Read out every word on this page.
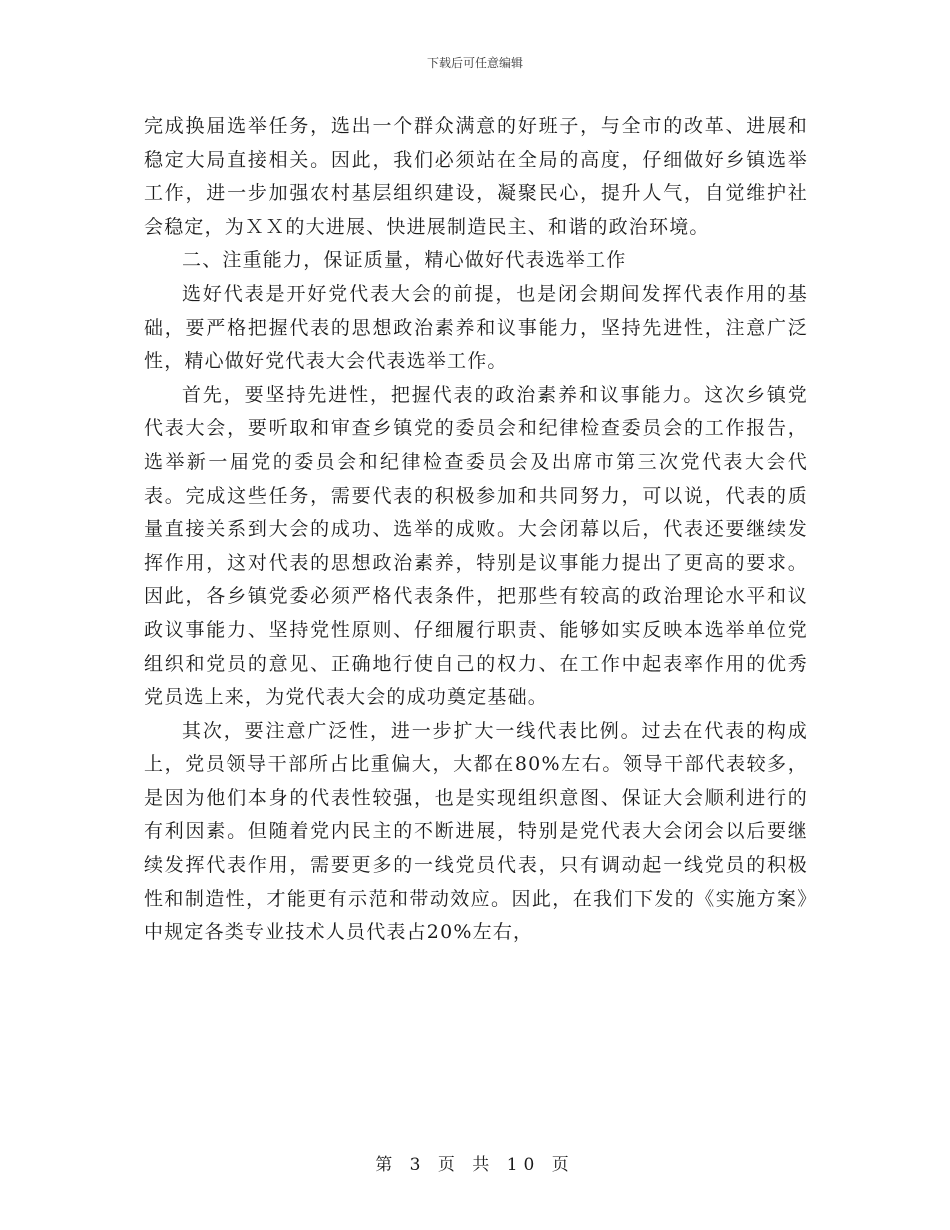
下载后可任意编辑

完成换届选举任务，选出一个群众满意的好班子，与全市的改革、进展和稳定大局直接相关。因此，我们必须站在全局的高度，仔细做好乡镇选举工作，进一步加强农村基层组织建设，凝聚民心，提升人气，自觉维护社会稳定，为ＸＸ的大进展、快进展制造民主、和谐的政治环境。

二、注重能力，保证质量，精心做好代表选举工作

选好代表是开好党代表大会的前提，也是闭会期间发挥代表作用的基础，要严格把握代表的思想政治素养和议事能力，坚持先进性，注意广泛性，精心做好党代表大会代表选举工作。

首先，要坚持先进性，把握代表的政治素养和议事能力。这次乡镇党代表大会，要听取和审查乡镇党的委员会和纪律检查委员会的工作报告，选举新一届党的委员会和纪律检查委员会及出席市第三次党代表大会代表。完成这些任务，需要代表的积极参加和共同努力，可以说，代表的质量直接关系到大会的成功、选举的成败。大会闭幕以后，代表还要继续发挥作用，这对代表的思想政治素养，特别是议事能力提出了更高的要求。因此，各乡镇党委必须严格代表条件，把那些有较高的政治理论水平和议政议事能力、坚持党性原则、仔细履行职责、能够如实反映本选举单位党组织和党员的意见、正确地行使自己的权力、在工作中起表率作用的优秀党员选上来，为党代表大会的成功奠定基础。

其次，要注意广泛性，进一步扩大一线代表比例。过去在代表的构成上，党员领导干部所占比重偏大，大都在80%左右。领导干部代表较多，是因为他们本身的代表性较强，也是实现组织意图、保证大会顺利进行的有利因素。但随着党内民主的不断进展，特别是党代表大会闭会以后要继续发挥代表作用，需要更多的一线党员代表，只有调动起一线党员的积极性和制造性，才能更有示范和带动效应。因此，在我们下发的《实施方案》中规定各类专业技术人员代表占20%左右，

第 3 页 共 10 页
